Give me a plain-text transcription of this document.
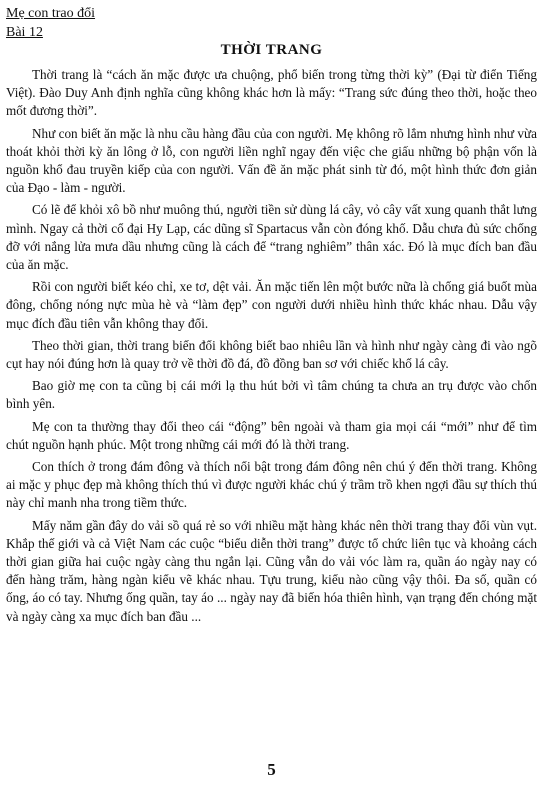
Mẹ con trao đổi
Bài 12
THỜI TRANG

Thời trang là “cách ăn mặc được ưa chuộng, phổ biến trong từng thời kỳ” (Đại từ điển Tiếng Việt). Đào Duy Anh định nghĩa cũng không khác hơn là mấy: “Trang sức đúng theo thời, hoặc theo mốt đương thời”.

Như con biết ăn mặc là nhu cầu hàng đầu của con người. Mẹ không rõ lắm nhưng hình như vừa thoát khỏi thời kỳ ăn lông ở lỗ, con người liền nghĩ ngay đến việc che giấu những bộ phận vốn là nguồn khổ đau truyền kiếp của con người. Vấn đề ăn mặc phát sinh từ đó, một hình thức đơn giản của Đạo - làm - người.

Có lẽ để khỏi xô bồ như muông thú, người tiền sử dùng lá cây, vỏ cây vất xung quanh thắt lưng mình. Ngay cả thời cổ đại Hy Lạp, các dũng sĩ Spartacus vẫn còn đóng khố. Dẫu chưa đủ sức chống đỡ với nắng lửa mưa dầu nhưng cũng là cách để “trang nghiêm” thân xác. Đó là mục đích ban đầu của ăn mặc.

Rồi con người biết kéo chỉ, xe tơ, dệt vải. Ăn mặc tiến lên một bước nữa là chống giá buốt mùa đông, chống nóng nực mùa hè và “làm đẹp” con người dưới nhiều hình thức khác nhau. Dẫu vậy mục đích đầu tiên vẫn không thay đổi.

Theo thời gian, thời trang biến đổi không biết bao nhiêu lần và hình như ngày càng đi vào ngõ cụt hay nói đúng hơn là quay trở về thời đồ đá, đồ đồng ban sơ với chiếc khố lá cây.

Bao giờ mẹ con ta cũng bị cái mới lạ thu hút bởi vì tâm chúng ta chưa an trụ được vào chốn bình yên.

Mẹ con ta thường thay đổi theo cái “động” bên ngoài và tham gia mọi cái “mới” như để tìm chút nguồn hạnh phúc. Một trong những cái mới đó là thời trang.

Con thích ở trong đám đông và thích nổi bật trong đám đông nên chú ý đến thời trang. Không ai mặc y phục đẹp mà không thích thú vì được người khác chú ý trầm trồ khen ngợi đầu sự thích thú này chỉ manh nha trong tiềm thức.

Mấy năm gần đây do vải sồ quá rẻ so với nhiều mặt hàng khác nên thời trang thay đổi vùn vụt. Khắp thế giới và cả Việt Nam các cuộc “biểu diễn thời trang” được tổ chức liên tục và khoảng cách thời gian giữa hai cuộc ngày càng thu ngắn lại. Cũng vẫn do vải vóc làm ra, quần áo ngày nay có đến hàng trăm, hàng ngàn kiểu vẽ khác nhau. Tựu trung, kiểu nào cũng vậy thôi. Đa số, quần có ống, áo có tay. Nhưng ống quần, tay áo ... ngày nay đã biến hóa thiên hình, vạn trạng đến chóng mặt và ngày càng xa mục đích ban đầu ...

5
